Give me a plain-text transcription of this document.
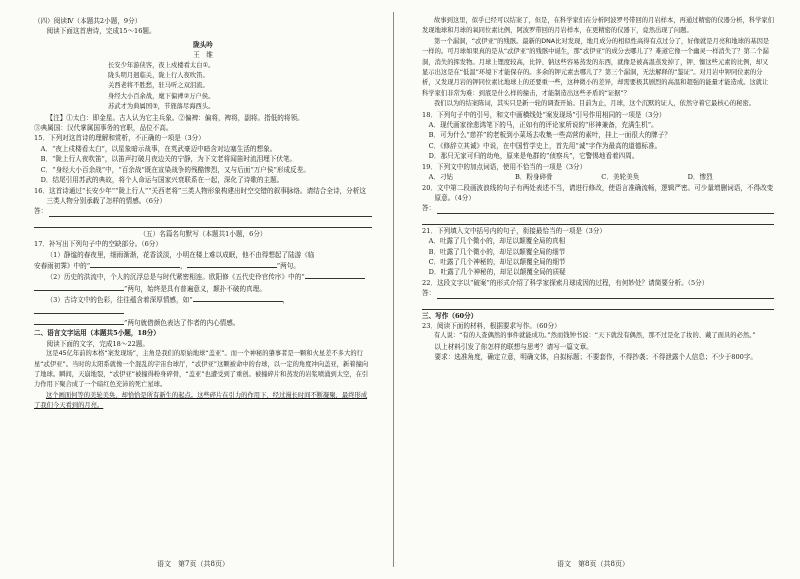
（四）阅读Ⅳ（本题共2小题，9分）

阅读下面这首唐诗，完成15～16题。

陇头吟

王　维

长安少年游侠客，夜上戍楼看太白①。

陇头明月迥临关，陇上行人夜吹笛。

关西老将不胜愁，驻马听之双泪流。

身经大小百余战，麾下偏裨②万户侯。

苏武才为典属国③，节旄落尽海西头。

【注】①太白：即金星。古人认为它主兵象。②偏裨：偏将，裨将，副将。指低的将领。

③典属国：汉代掌属国事务的官职，品位不高。

15．下列对这首诗的理解和赏析，不正确的一项是（3分）

A．“夜上戍楼看太白”，以星象暗示战事，在英武豪迈中暗含对边塞生活的想象。

B．“陇上行人夜吹笛”，以笛声打破月夜边关的宁静，为下文老将闻笛时流泪埋下伏笔。

C．“身经大小百余战”中，“百余战”既在宣染战争的残酷惨烈，又与后面“万户侯”形成反差。

D．结尾引用苏武的典故，将个人命运与国家兴衰联系在一起，深化了诗歌的主题。

16．这首诗通过“长安少年”“陇上行人”“关西老将”三类人物形象构建出时空交错的叙事脉络。请结合全诗，分析这三类人物分别承载了怎样的情感。（6分）

答：

（五）名篇名句默写（本题共1小题，6分）

17．补写出下列句子中的空缺部分。（6分）

（1）静谧的春夜里，细雨渐渐，花香淡淡，小明在楼上难以成眠，他不由得想起了陆游《临

安春雨初霁》中的“	，	”两句。

（2）历史的洪流中，个人的沉浮总是与时代紧密相连。欧阳修《五代史伶官传序》中的“

”两句，始终是具有普遍意义，颠扑不破的真理。

（3）古诗文中的色彩，往往蕴含着深厚情感，如“	，

”两句就借颜色表达了作者的内心情感。

二、语言文字运用（本题共5小题，18分）

阅读下面的文字，完成18～22题。

这是45亿年前的本格“案发现场”，主角是我们的原始地球“盖亚”。而一个神秘的肇事者是一颗和火星差不多大的行星“忒伊亚”。当时的太阳系就像一个混乱的宇宙台球厅，“忒伊亚”这颗被命中的台球，以一定的角度冲向盖亚，新着撞向了地球。瞬间，天崩地裂，“忒伊亚”被撞得粉身碎骨，“盖亚”也遭受到了重创。被撞碎片和蒸发的岩浆喷涌到太空，在引力作用下聚合成了一个暗红色充沛的死亡星球。

这个画面何等的美轮美奂，却恰恰是所有新生的起点。这些碎片在引力的作用下，经过漫长时间不断凝聚，最终形成了我们今天看到的月亮。

语文　第7页（共8页）

故事到这里，似乎已经可以结案了，但是，在科学家们在分析阿波罗号带回的月岩样本，再通过精密的仪器分析，科学家们发现地球和月球的氧同位素比例，阿波罗带回的月岩样本，在更精密的仪器下，竟然出现了问题。

第一个漏洞，“忒伊亚”的残骸。最新的DNA比对发现，地月成分的相似性高得有点过分了，好像就是月亮和地球的基因是一样的。可月球如果真的是从“忒伊亚”的残骸中诞生，那“忒伊亚”的成分去哪儿了？难道它像一个幽灵一样消失了？第二个漏洞，消失的挥发物。月球上锂度较高，比锌、钠这些容易蒸发的东西，就像是被高温蒸发掉了，钾、铷这些元素的比例，却又显示出这是在“低温”环境下才能保存的。多余的钾元素去哪儿了？第三个漏洞，无法解释的“鉴证”。对月岩中钾同位素的分析，又发现月岩的钾同位素比地球上的还要重一些，这种微小的差异，却需要极其剧烈的高温和超强的能量才能造成。这就让科学家们非常为难：到底是什么样的撞击，才能制造出这些矛盾的“证据”？

我们以为的结案陈词，其实只是新一轮的调查开始。目前为止，月球，这个沉默的证人，依然守着它最核心的秘密。

18．下列句子中的引号，和文中画横线处“案发现场”引号作用相同的一项是（3分）

A．现代画家徐悲鸿笔下的马，正如有的评论家所说的“形神兼备，充满生机”。

B．可为什么“慈祥”的老板到小菜场去收集一些高营的素叶，挂上一面很大的牌子？

C．《修辞立其诚》中说，在中国哲学史上，首先用“诚”字作为最高的道德标准。

D．那只无家可归的幼龟，原来是龟群的“侦察兵”，它警惕地看着四周。

19．下列文中的加点词语，使用不恰当的一项是（3分）

A．刁钻	B．粉身碎骨	C．美轮美奂	D．惨烈

20．文中第二段画波浪线的句子有两处表述不当，请进行修改，使语言准确流畅，逻辑严密。可少量增删词语，不得改变原意。（4分）

答：

21．下列填入文中括号内的句子，衔接最恰当的一项是（3分）

A．吐露了几个微小的，却足以颠覆全局的真相

B．吐露了几个微小的，却足以颠覆全局的细节

C．吐露了几个神秘的，却足以颠覆全局的细节

D．吐露了几个神秘的，却足以颠覆全局的质疑

22．这段文字以“破案”的形式介绍了科学家探索月球成因的过程，有何妙处？请简要分析。（5分）

答：

三、写作（60分）

23．阅读下面的材料，根据要求写作。（60分）

有人说：“有的人查偶然的事件就能成功。”然而钱钟书说：“天下就没有偶然，那不过是化了妆的、戴了面具的必然。”

以上材料引发了你怎样的联想与思考？请写一篇文章。

要求：选准角度，确定立意，明确文体，自拟标题；不要套作，不得抄袭；不得泄露个人信息；不少于800字。

语文　第8页（共8页）
